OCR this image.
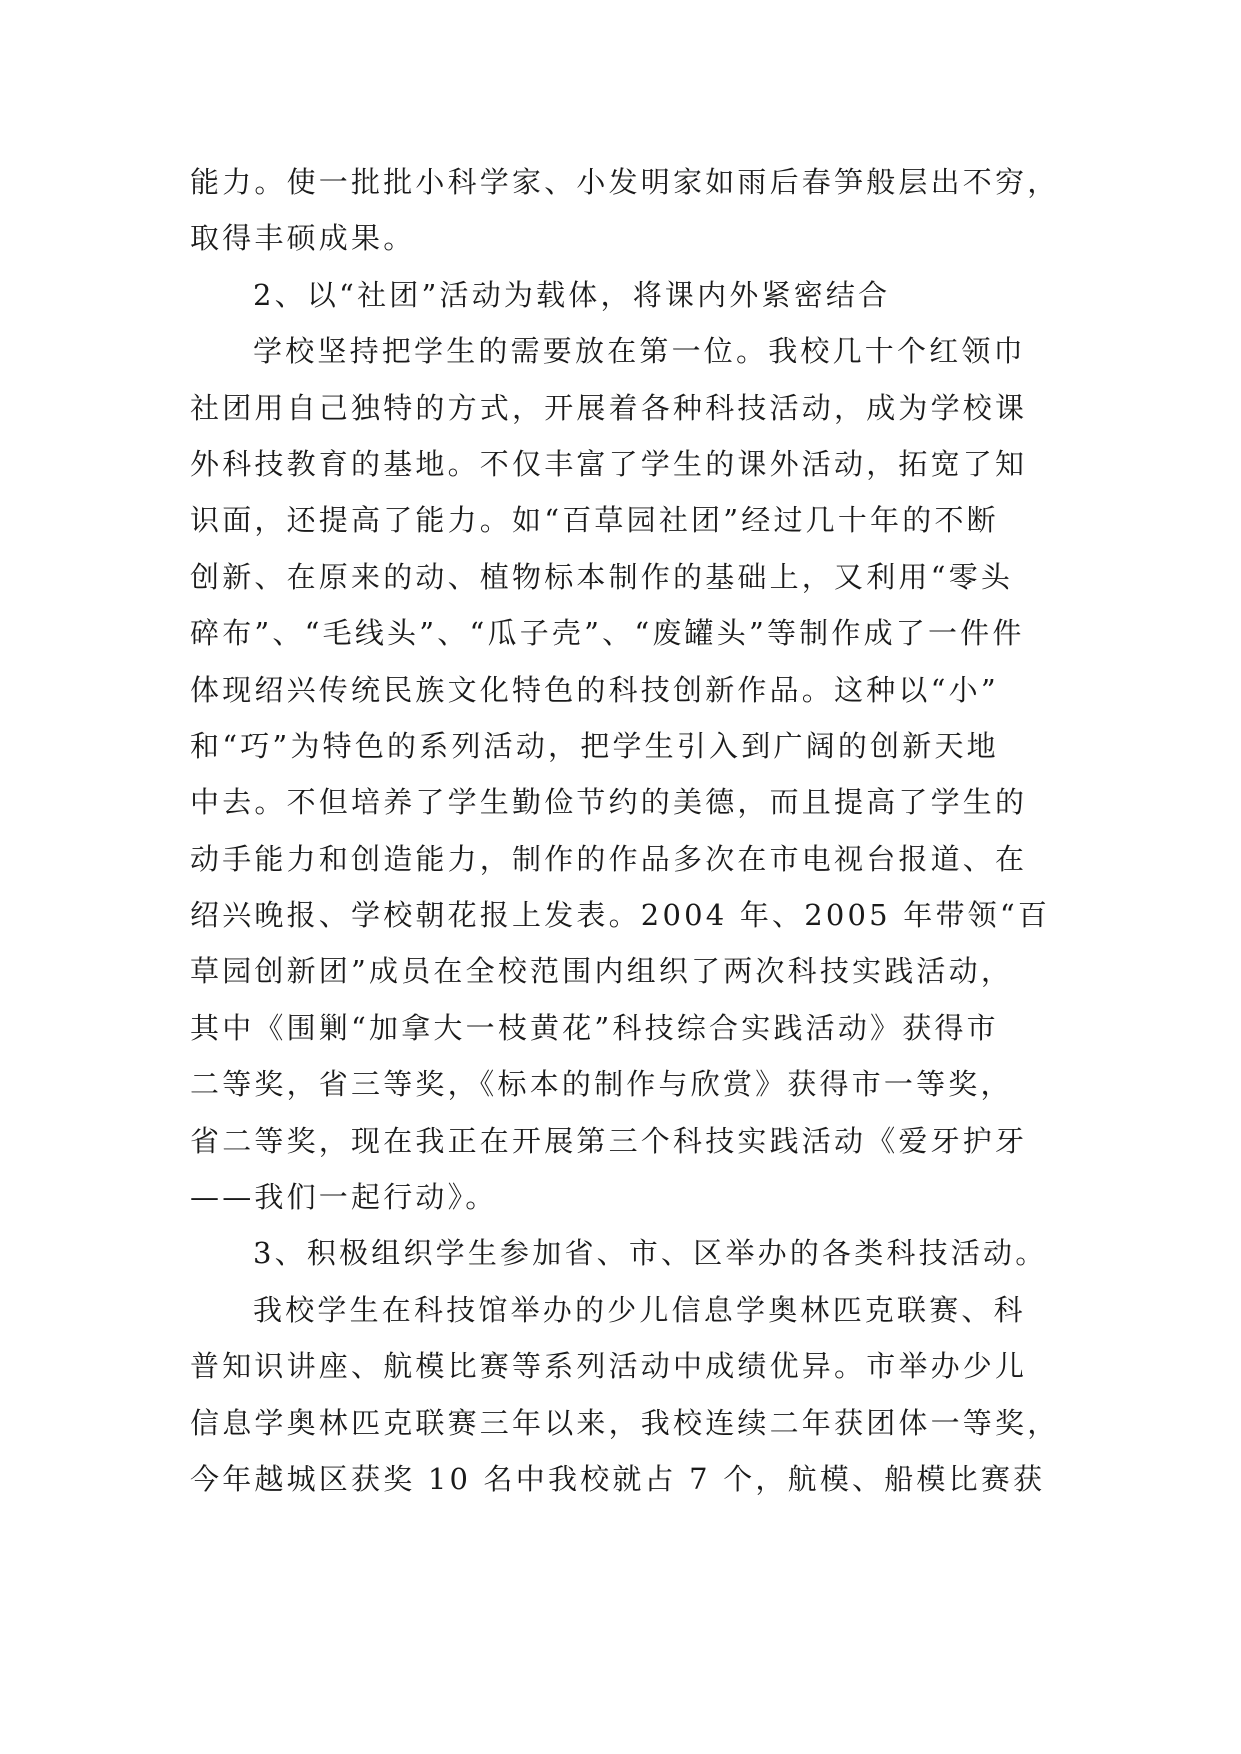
能力。使一批批小科学家、小发明家如雨后春笋般层出不穷，
取得丰硕成果。
2、以“社团”活动为载体，将课内外紧密结合
学校坚持把学生的需要放在第一位。我校几十个红领巾
社团用自己独特的方式，开展着各种科技活动，成为学校课
外科技教育的基地。不仅丰富了学生的课外活动，拓宽了知
识面，还提高了能力。如“百草园社团”经过几十年的不断
创新、在原来的动、植物标本制作的基础上，又利用“零头
碎布”、“毛线头”、“瓜子壳”、“废罐头”等制作成了一件件
体现绍兴传统民族文化特色的科技创新作品。这种以“小”
和“巧”为特色的系列活动，把学生引入到广阔的创新天地
中去。不但培养了学生勤俭节约的美德，而且提高了学生的
动手能力和创造能力，制作的作品多次在市电视台报道、在
绍兴晚报、学校朝花报上发表。2004 年、2005 年带领“百
草园创新团”成员在全校范围内组织了两次科技实践活动，
其中《围剿“加拿大一枝黄花”科技综合实践活动》获得市
二等奖，省三等奖，《标本的制作与欣赏》获得市一等奖，
省二等奖，现在我正在开展第三个科技实践活动《爱牙护牙
——我们一起行动》。
3、积极组织学生参加省、市、区举办的各类科技活动。
我校学生在科技馆举办的少儿信息学奥林匹克联赛、科
普知识讲座、航模比赛等系列活动中成绩优异。市举办少儿
信息学奥林匹克联赛三年以来，我校连续二年获团体一等奖，
今年越城区获奖 10 名中我校就占 7 个，航模、船模比赛获
